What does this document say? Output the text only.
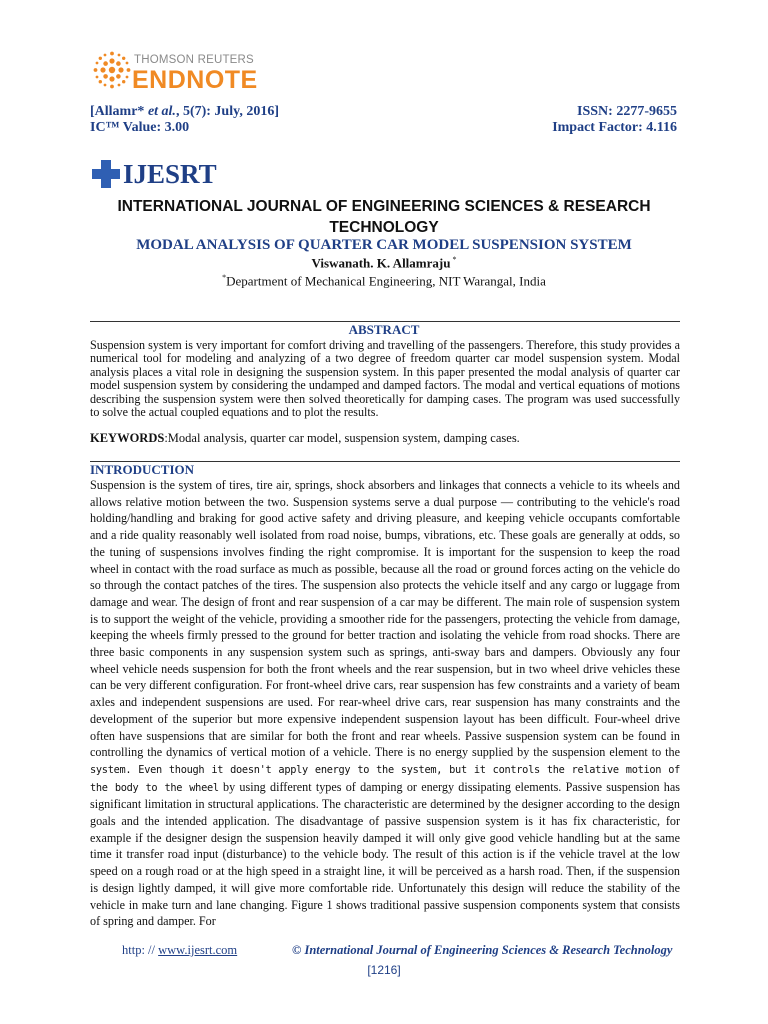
THOMSON REUTERS
ENDNOTE
[Allamr* et al., 5(7): July, 2016]
IC™ Value: 3.00
ISSN: 2277-9655
Impact Factor: 4.116
IJESRT
INTERNATIONAL JOURNAL OF ENGINEERING SCIENCES & RESEARCH TECHNOLOGY
MODAL ANALYSIS OF QUARTER CAR MODEL SUSPENSION SYSTEM
Viswanath. K. Allamraju *
*Department of Mechanical Engineering, NIT Warangal, India
ABSTRACT
Suspension system is very important for comfort driving and travelling of the passengers. Therefore, this study provides a numerical tool for modeling and analyzing of a two degree of freedom quarter car model suspension system. Modal analysis places a vital role in designing the suspension system. In this paper presented the modal analysis of quarter car model suspension system by considering the undamped and damped factors. The modal and vertical equations of motions describing the suspension system were then solved theoretically for damping cases. The program was used successfully to solve the actual coupled equations and to plot the results.
KEYWORDS:Modal analysis, quarter car model, suspension system, damping cases.
INTRODUCTION
Suspension is the system of tires, tire air, springs, shock absorbers and linkages that connects a vehicle to its wheels and allows relative motion between the two. Suspension systems serve a dual purpose — contributing to the vehicle's road holding/handling and braking for good active safety and driving pleasure, and keeping vehicle occupants comfortable and a ride quality reasonably well isolated from road noise, bumps, vibrations, etc. These goals are generally at odds, so the tuning of suspensions involves finding the right compromise. It is important for the suspension to keep the road wheel in contact with the road surface as much as possible, because all the road or ground forces acting on the vehicle do so through the contact patches of the tires. The suspension also protects the vehicle itself and any cargo or luggage from damage and wear. The design of front and rear suspension of a car may be different. The main role of suspension system is to support the weight of the vehicle, providing a smoother ride for the passengers, protecting the vehicle from damage, keeping the wheels firmly pressed to the ground for better traction and isolating the vehicle from road shocks. There are three basic components in any suspension system such as springs, anti-sway bars and dampers. Obviously any four wheel vehicle needs suspension for both the front wheels and the rear suspension, but in two wheel drive vehicles these can be very different configuration. For front-wheel drive cars, rear suspension has few constraints and a variety of beam axles and independent suspensions are used. For rear-wheel drive cars, rear suspension has many constraints and the development of the superior but more expensive independent suspension layout has been difficult. Four-wheel drive often have suspensions that are similar for both the front and rear wheels. Passive suspension system can be found in controlling the dynamics of vertical motion of a vehicle. There is no energy supplied by the suspension element to the system. Even though it doesn't apply energy to the system, but it controls the relative motion of the body to the wheel by using different types of damping or energy dissipating elements. Passive suspension has significant limitation in structural applications. The characteristic are determined by the designer according to the design goals and the intended application. The disadvantage of passive suspension system is it has fix characteristic, for example if the designer design the suspension heavily damped it will only give good vehicle handling but at the same time it transfer road input (disturbance) to the vehicle body. The result of this action is if the vehicle travel at the low speed on a rough road or at the high speed in a straight line, it will be perceived as a harsh road. Then, if the suspension is design lightly damped, it will give more comfortable ride. Unfortunately this design will reduce the stability of the vehicle in make turn and lane changing. Figure 1 shows traditional passive suspension components system that consists of spring and damper. For
http: // www.ijesrt.com	© International Journal of Engineering Sciences & Research Technology
[1216]
